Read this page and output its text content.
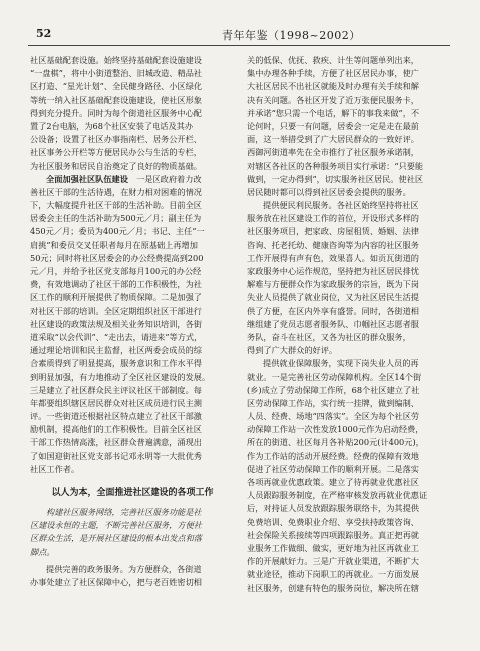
52	青年年鉴（1998~2002）
社区基础配套设施。始终坚持基础配套设施建设
“一盘棋”，将中小街道整治、旧城改造、精品社
区打造、“星光计划”、全民健身路径、小区绿化
等统一纳入社区基础配套设施建设，使社区形象
得到充分提升。同时为每个街道社区服务中心配
置了2台电脑，为68个社区安装了电话及其办
公设备；设置了社区办事指南栏、居务公开栏、
社区事务公开栏等方便居民办公与生活的专栏，
为社区服务和居民自治奠定了良好的物质基础。
全面加强社区队伍建设　 一是区政府着力改
善社区干部的生活待遇，在财力相对困难的情况
下，大幅度提升社区干部的生活补助。目前全区
居委会主任的生活补助为500元／月；副主任为
450元／月；委员为400元／月；书记、主任“一
肩挑”和委员交叉任职者每月在原基础上再增加
50元；同时将社区居委会的办公经费提高到200
元／月，并给予社区党支部每月100元的办公经
费，有效地调动了社区干部的工作积极性，为社
区工作的顺利开展提供了物质保障。二是加强了
对社区干部的培训。全区定期组织社区干部进行
社区建设的政策法规及相关业务知识培训，各街
道采取“以会代训”、“走出去，请进来”等方式，
通过理论培训和民主监督，社区两委会成员的综
合素质得到了明显提高，服务意识和工作水平得
到明显加强，有力地推动了全区社区建设的发展。
三是建立了社区群众民主评议社区干部制度。每
年都要组织辖区居民群众对社区成员进行民主测
评。一些街道还根据社区特点建立了社区干部激
励机制，提高他们的工作积极性。目前全区社区
干部工作热情高涨，社区群众普遍满意，涌现出
了如国迎街社区党支部书记邓永明等一大批优秀
社区工作者。
以人为本，全面推进社区建设的各项工作
构建社区服务网络，完善社区服务功能是社
区建设永恒的主题，不断完善社区服务，方便社
区群众生活，是开展社区建设的根本出发点和落
脚点。
提供完善的政务服务。为方便群众，各街道
办事处建立了社区保障中心，把与老百姓密切相
关的低保、优抚、救疾、计生等问题单列出来，
集中办理各种手续，方便了社区居民办事，使广
大社区居民不出社区就能及时办理有关手续和解
决有关问题。各社区开发了近万张便民服务卡，
并承诺“您只需一个电话，解下的事我来做”，不
论何时，只要一有问题，居委会一定是走在最前
面，这一举措受到了广大居民群众的一致好评。
西御河街道率先在全市推行了社区服务承诺制，
对辖区各社区的各种服务项目实行承诺：“只要能
做到，一定办得到”，切实服务社区居民。使社区
居民随时都可以得到社区居委会提供的服务。
提供便民利民服务。各社区始终坚持将社区
服务放在社区建设工作的首位，开设形式多样的
社区服务项目，把家政、房屋租赁、婚姻、法律
咨询、托老托幼、健康咨询等为内容的社区服务
工作开展得有声有色，效果喜人。如贡瓦街道的
家政服务中心运作规范，坚持把为社区居民排忧
解难与方便群众作为家政服务的宗旨，既为下岗
失业人员提供了就业岗位，又为社区居民生活提
供了方便，在区内外享有盛誉。同时，各街道相
继组建了党员志愿者服务队、巾帼社区志愿者服
务队，奋斗在社区，又各为社区的群众服务，
得到了广大群众的好评。
提供就业保障服务，实现下岗失业人员的再
就业。一是完善社区劳动保障机构。全区14个街
(乡)成立了劳动保障工作所，68个社区建立了社
区劳动保障工作站，实行统一挂牌，做到编制、
人员、经费、场地“四落实”。全区为每个社区劳
动保障工作站一次性发放1000元作为启动经费，
所在的街道、社区每月各补贴200元(计400元)，
作为工作站的活动开展经费。经费的保障有效地
促进了社区劳动保障工作的顺利开展。二是落实
各项再就业优惠政策。建立了待再就业优惠社区
人员跟踪服务制度，在严格审核发放再就业优惠证
后，对持证人员发放跟踪服务联络卡，为其提供
免费培训、免费职业介绍、享受扶持政策咨询、
社会保险关系接续等四项跟踪服务。真正把再就
业服务工作做细、做实，更好地为社区再就业工
作的开展献好力。三是广开就业渠道，不断扩大
就业途径，推动下岗职工的再就业。一方面发展
社区服务，创建有特色的服务岗位，解决所在辖
